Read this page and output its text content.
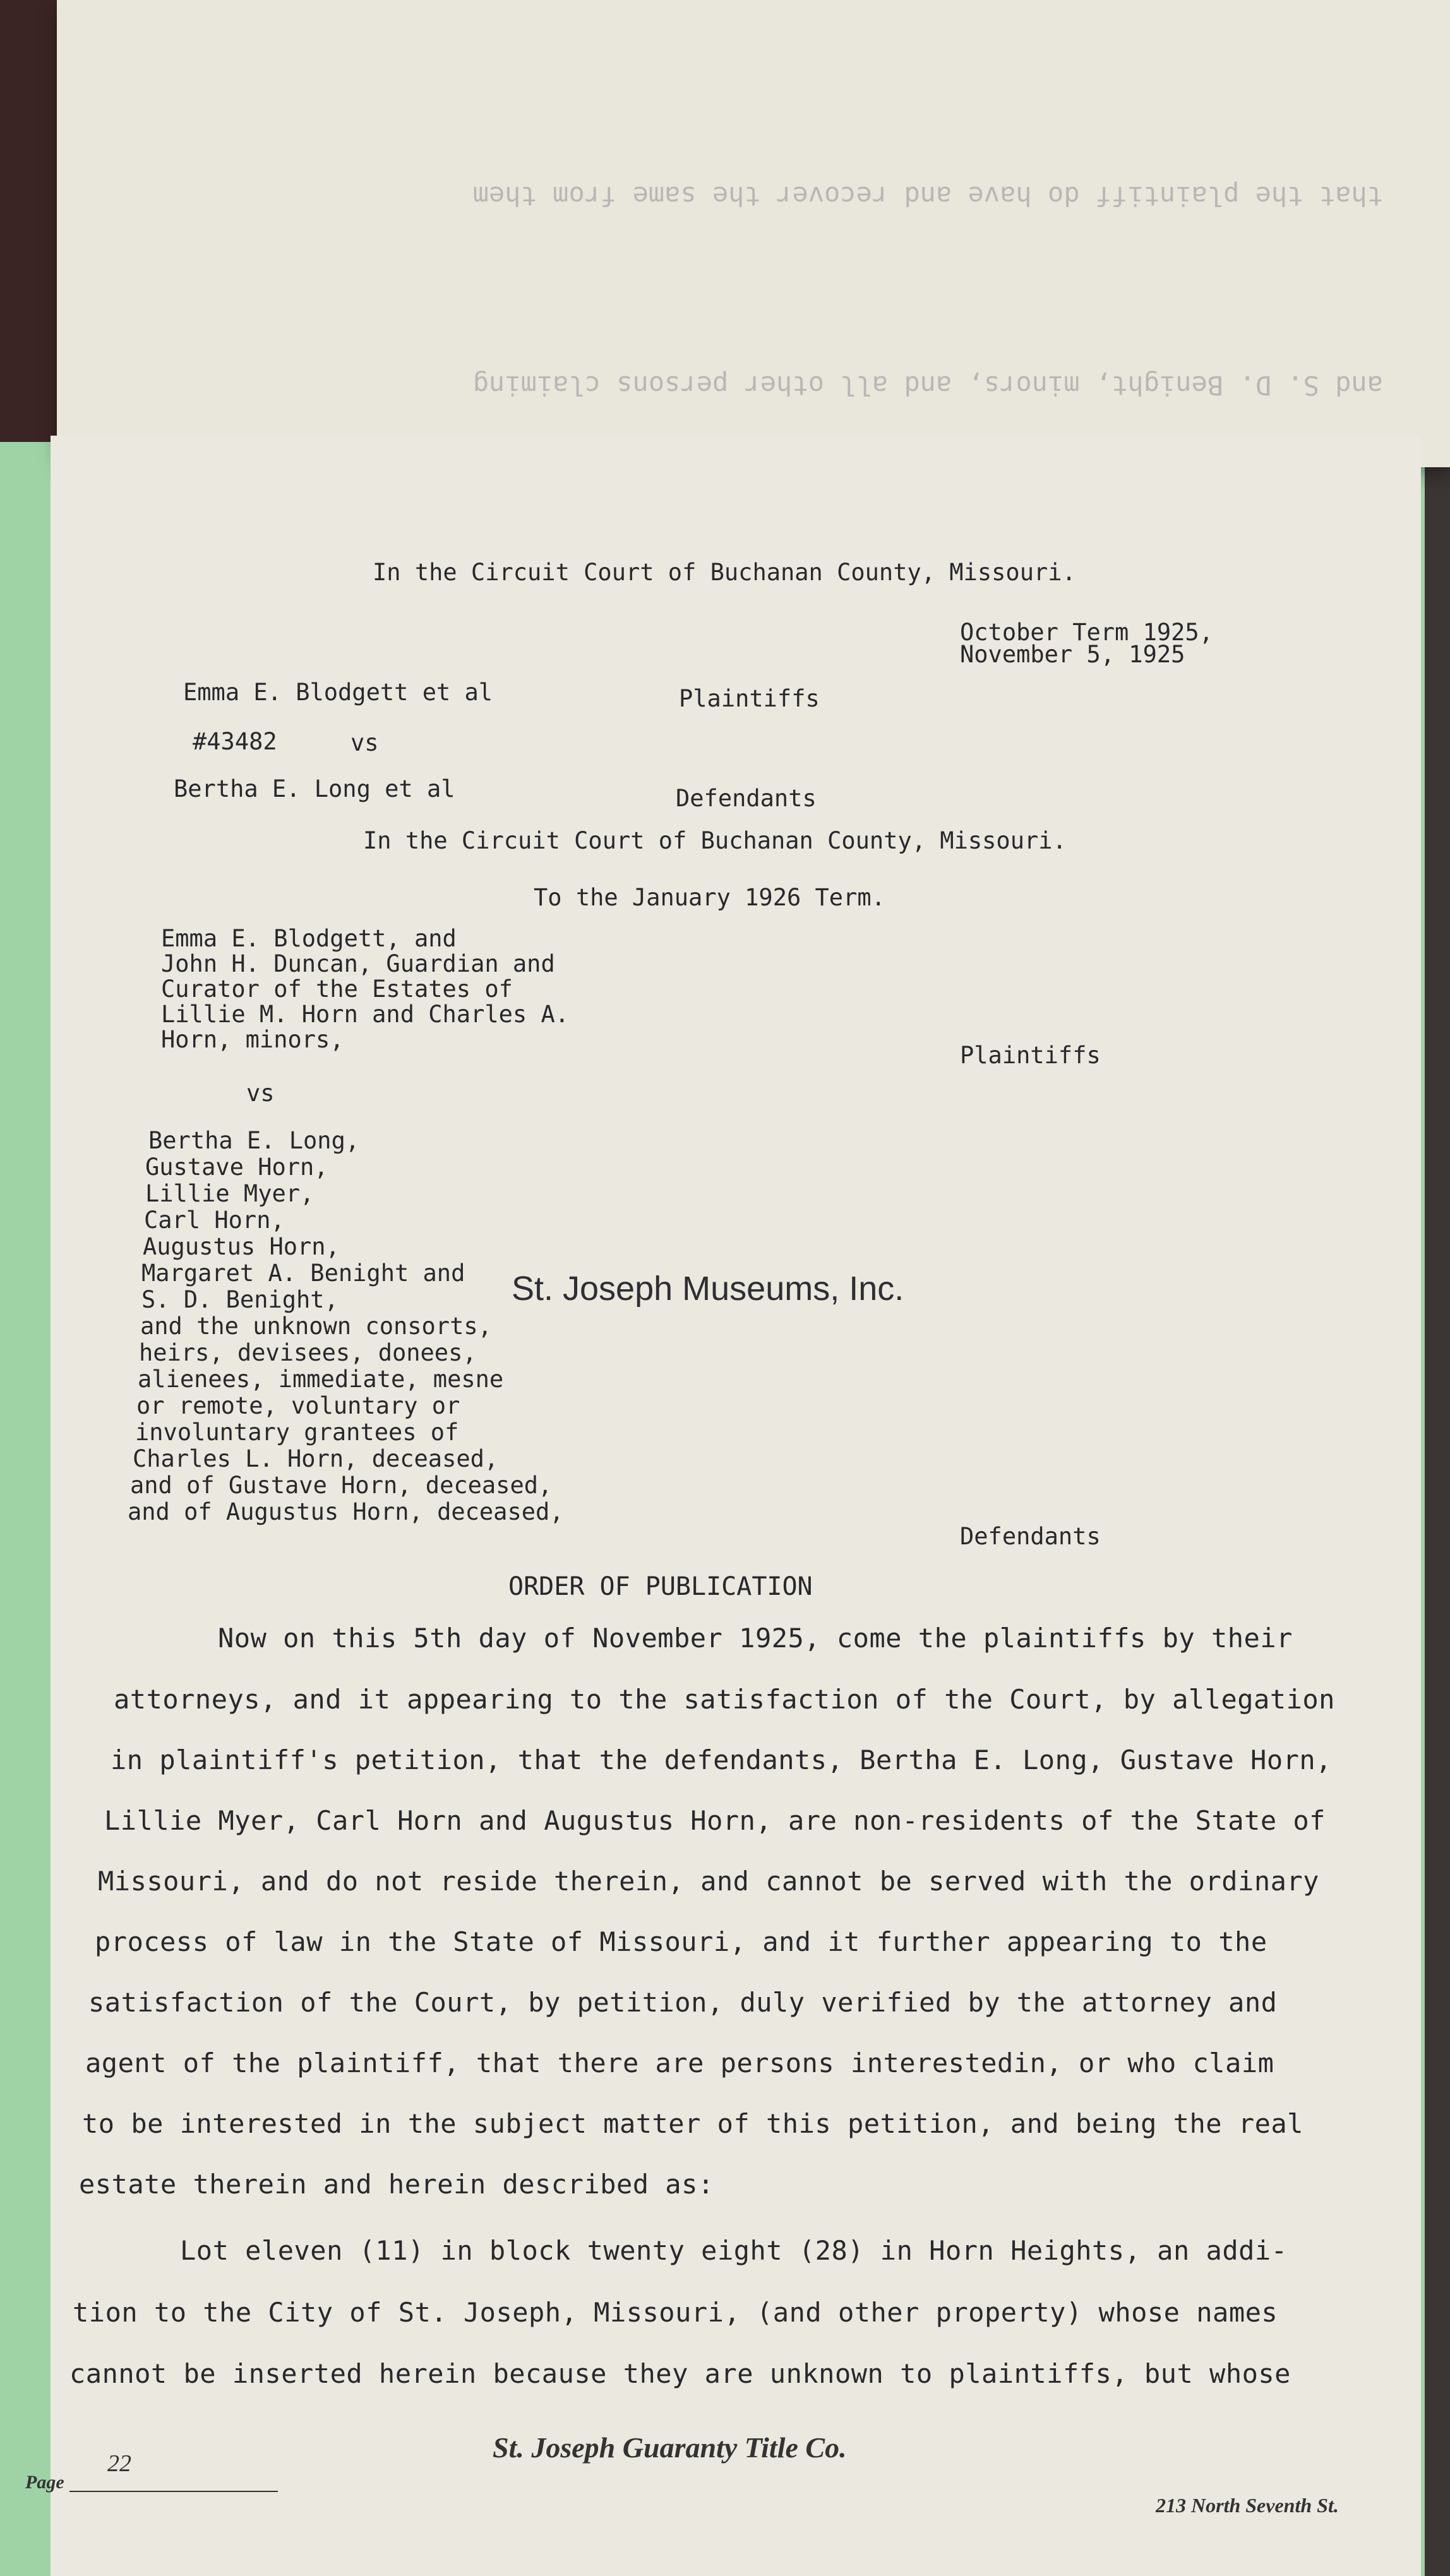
and S. D. Benight, minors, and all other persons claiming

that the plaintiff do have and recover the same from them

In the Circuit Court of Buchanan County, Missouri.
October Term 1925,
November 5, 1925
Emma E. Blodgett et al	Plaintiffs
#43482	vs
Bertha E. Long et al	Defendants
In the Circuit Court of Buchanan County, Missouri.
To the January 1926 Term.
Emma E. Blodgett, and
John H. Duncan, Guardian and
Curator of the Estates of
Lillie M. Horn and Charles A.
Horn, minors,
Plaintiffs
vs
Bertha E. Long,
Gustave Horn,
Lillie Myer,
Carl Horn,
Augustus Horn,
Margaret A. Benight and
S. D. Benight,
and the unknown consorts,
heirs, devisees, donees,
alienees, immediate, mesne
or remote, voluntary or
involuntary grantees of
Charles L. Horn, deceased,
and of Gustave Horn, deceased,
and of Augustus Horn, deceased,
Defendants
ORDER OF PUBLICATION
Now on this 5th day of November 1925, come the plaintiffs by their
attorneys, and it appearing to the satisfaction of the Court, by allegation
in plaintiff's petition, that the defendants, Bertha E. Long, Gustave Horn,
Lillie Myer, Carl Horn and Augustus Horn, are non-residents of the State of
Missouri, and do not reside therein, and cannot be served with the ordinary
process of law in the State of Missouri, and it further appearing to the
satisfaction of the Court, by petition, duly verified by the attorney and
agent of the plaintiff, that there are persons interestedin, or who claim
to be interested in the subject matter of this petition, and being the real
estate therein and herein described as:
Lot eleven (11) in block twenty eight (28) in Horn Heights, an addi-
tion to the City of St. Joseph, Missouri, (and other property) whose names
cannot be inserted herein because they are unknown to plaintiffs, but whose
St. Joseph Museums, Inc.
St. Joseph Guaranty Title Co.
Page
22
213 North Seventh St.
